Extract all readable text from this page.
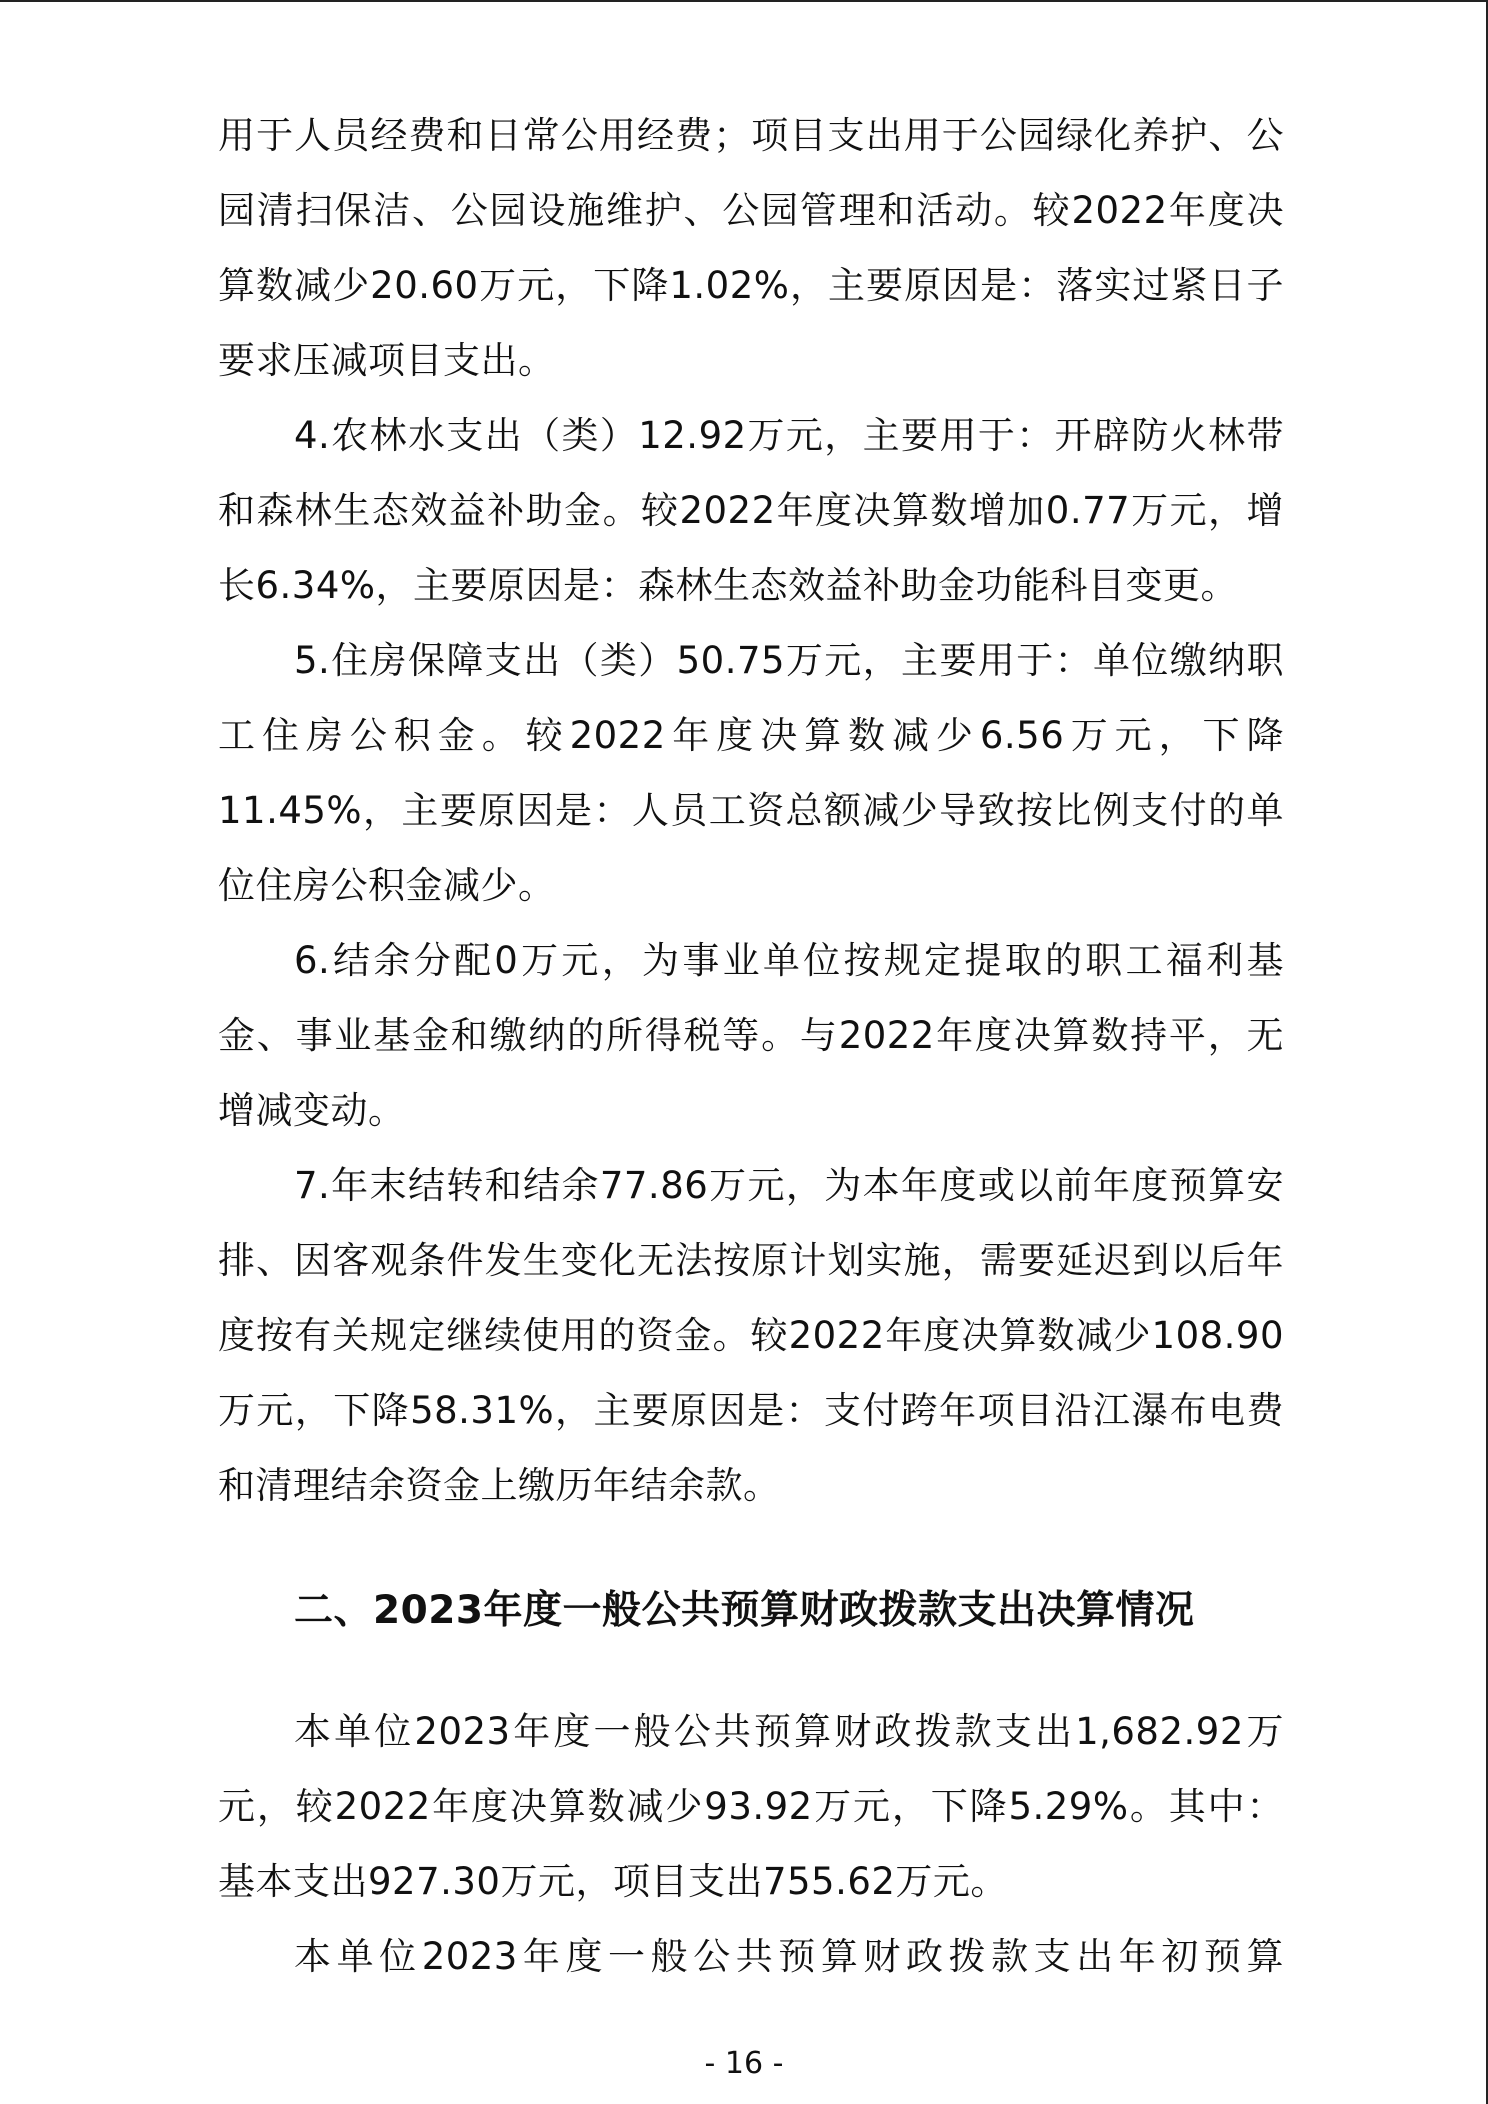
用于人员经费和日常公用经费；项目支出用于公园绿化养护、公园清扫保洁、公园设施维护、公园管理和活动。较2022年度决算数减少20.60万元，下降1.02%，主要原因是：落实过紧日子要求压减项目支出。

4.农林水支出（类）12.92万元，主要用于：开辟防火林带和森林生态效益补助金。较2022年度决算数增加0.77万元，增长6.34%，主要原因是：森林生态效益补助金功能科目变更。

5.住房保障支出（类）50.75万元，主要用于：单位缴纳职工住房公积金。较2022年度决算数减少6.56万元，下降11.45%，主要原因是：人员工资总额减少导致按比例支付的单位住房公积金减少。

6.结余分配0万元，为事业单位按规定提取的职工福利基金、事业基金和缴纳的所得税等。与2022年度决算数持平，无增减变动。

7.年末结转和结余77.86万元，为本年度或以前年度预算安排、因客观条件发生变化无法按原计划实施，需要延迟到以后年度按有关规定继续使用的资金。较2022年度决算数减少108.90万元，下降58.31%，主要原因是：支付跨年项目沿江瀑布电费和清理结余资金上缴历年结余款。

二、2023年度一般公共预算财政拨款支出决算情况

本单位2023年度一般公共预算财政拨款支出1,682.92万元，较2022年度决算数减少93.92万元，下降5.29%。其中：基本支出927.30万元，项目支出755.62万元。

本单位2023年度一般公共预算财政拨款支出年初预算

- 16 -
